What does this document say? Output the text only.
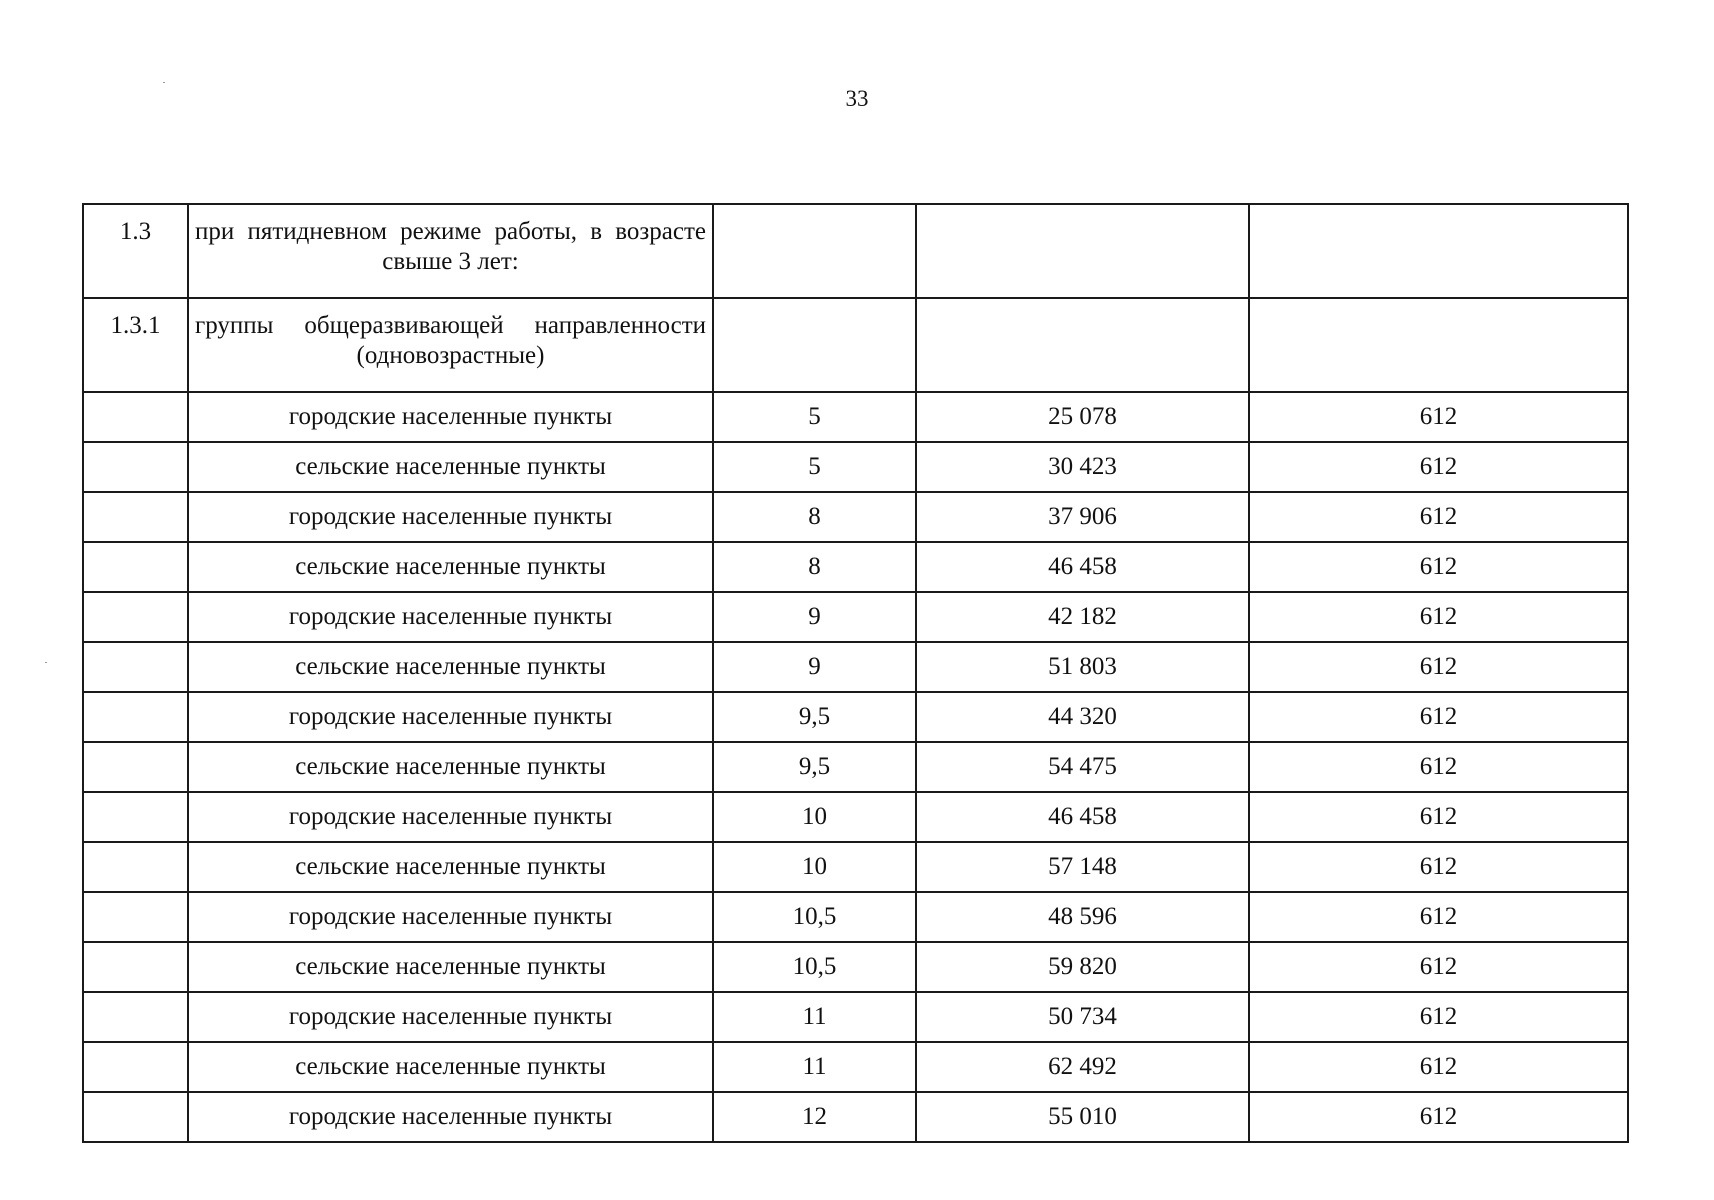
33
1.3	при пятидневном режиме работы, в возрасте свыше 3 лет:			
1.3.1	группы общеразвивающей направленности (одновозрастные)			
	городские населенные пункты	5	25 078	612
	сельские населенные пункты	5	30 423	612
	городские населенные пункты	8	37 906	612
	сельские населенные пункты	8	46 458	612
	городские населенные пункты	9	42 182	612
	сельские населенные пункты	9	51 803	612
	городские населенные пункты	9,5	44 320	612
	сельские населенные пункты	9,5	54 475	612
	городские населенные пункты	10	46 458	612
	сельские населенные пункты	10	57 148	612
	городские населенные пункты	10,5	48 596	612
	сельские населенные пункты	10,5	59 820	612
	городские населенные пункты	11	50 734	612
	сельские населенные пункты	11	62 492	612
	городские населенные пункты	12	55 010	612
